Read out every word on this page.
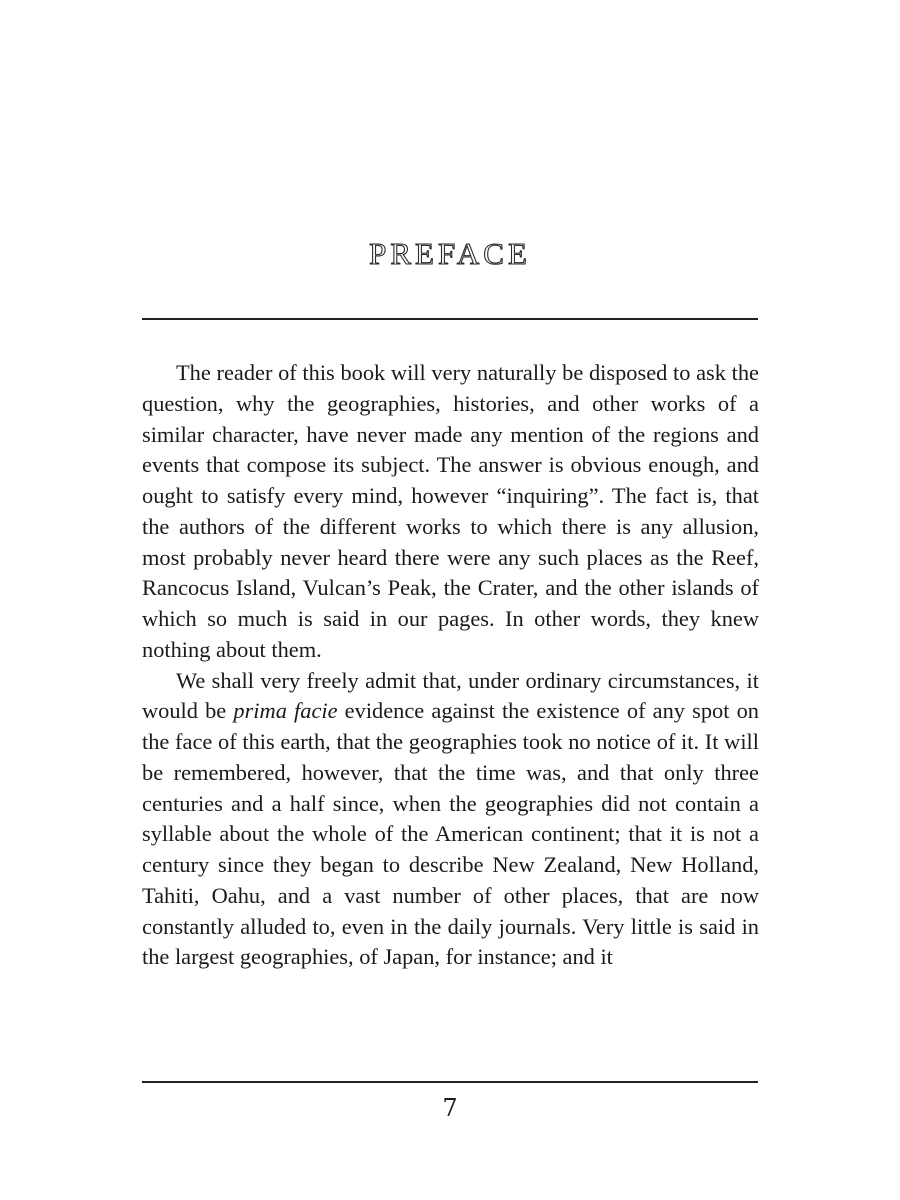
PREFACE

The reader of this book will very naturally be disposed to ask the question, why the geographies, histories, and other works of a similar character, have never made any mention of the regions and events that compose its subject. The answer is obvious enough, and ought to satisfy every mind, however “inquiring”. The fact is, that the authors of the different works to which there is any allusion, most probably never heard there were any such places as the Reef, Rancocus Island, Vulcan’s Peak, the Crater, and the other islands of which so much is said in our pages. In other words, they knew nothing about them.

We shall very freely admit that, under ordinary circumstances, it would be prima facie evidence against the existence of any spot on the face of this earth, that the geographies took no notice of it. It will be remembered, however, that the time was, and that only three centuries and a half since, when the geographies did not contain a syllable about the whole of the American continent; that it is not a century since they began to describe New Zealand, New Holland, Tahiti, Oahu, and a vast number of other places, that are now constantly alluded to, even in the daily journals. Very little is said in the largest geographies, of Japan, for instance; and it

7
